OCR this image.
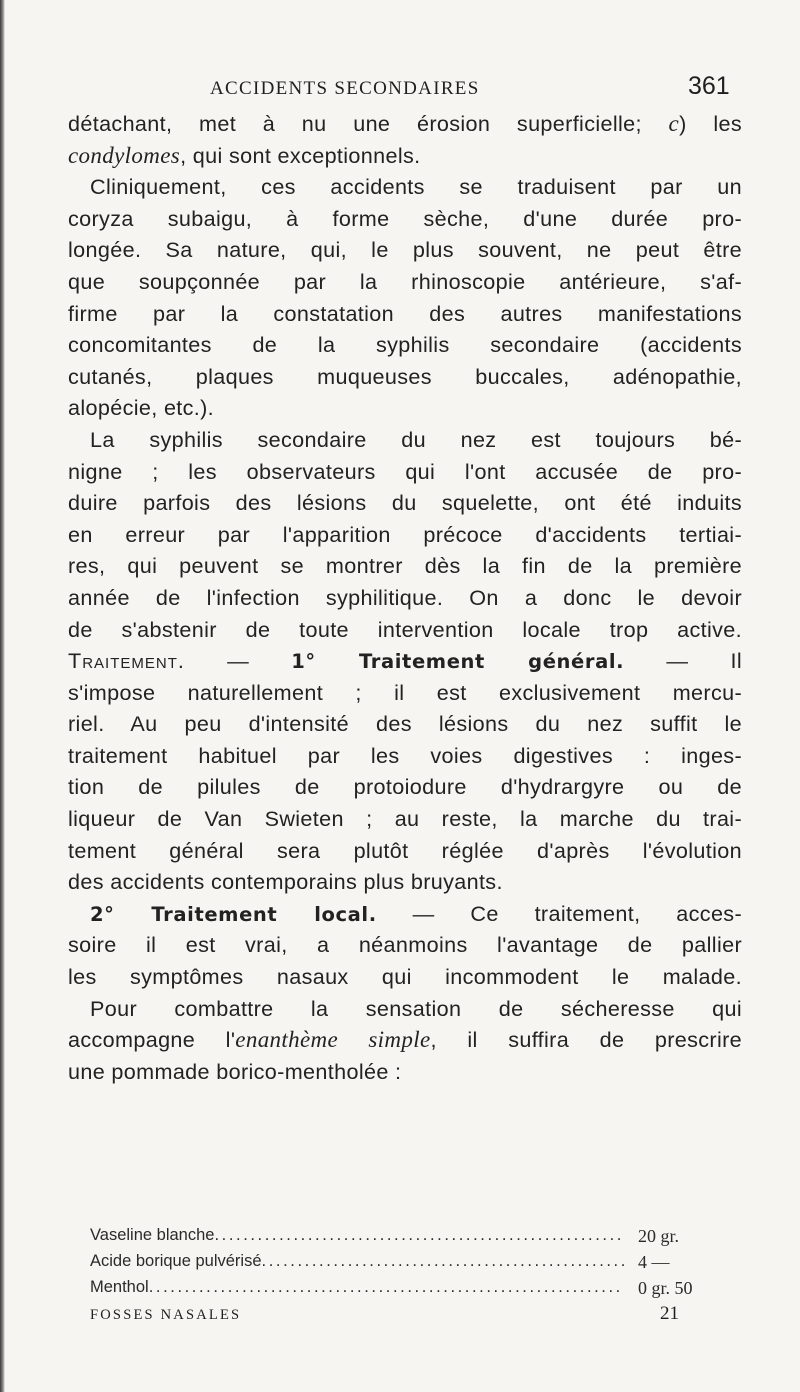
ACCIDENTS SECONDAIRES	361
détachant, met à nu une érosion superficielle; c) les
condylomes, qui sont exceptionnels.
Cliniquement, ces accidents se traduisent par un
coryza subaigu, à forme sèche, d'une durée pro-
longée. Sa nature, qui, le plus souvent, ne peut être
que soupçonnée par la rhinoscopie antérieure, s'af-
firme par la constatation des autres manifestations
concomitantes de la syphilis secondaire (accidents
cutanés, plaques muqueuses buccales, adénopathie,
alopécie, etc.).
La syphilis secondaire du nez est toujours bé-
nigne ; les observateurs qui l'ont accusée de pro-
duire parfois des lésions du squelette, ont été induits
en erreur par l'apparition précoce d'accidents tertiai-
res, qui peuvent se montrer dès la fin de la première
année de l'infection syphilitique. On a donc le devoir
de s'abstenir de toute intervention locale trop active.
Traitement. — 1° Traitement général. — Il
s'impose naturellement ; il est exclusivement mercu-
riel. Au peu d'intensité des lésions du nez suffit le
traitement habituel par les voies digestives : inges-
tion de pilules de protoiodure d'hydrargyre ou de
liqueur de Van Swieten ; au reste, la marche du trai-
tement général sera plutôt réglée d'après l'évolution
des accidents contemporains plus bruyants.
2° Traitement local. — Ce traitement, acces-
soire il est vrai, a néanmoins l'avantage de pallier
les symptômes nasaux qui incommodent le malade.
Pour combattre la sensation de sécheresse qui
accompagne l'enanthème simple, il suffira de prescrire
une pommade borico-mentholée :
Vaseline blanche......................................................... 20 gr.
Acide borique pulvérisé................................................... 4 —
Menthol.................................................................. 0 gr. 50
FOSSES NASALES	21
